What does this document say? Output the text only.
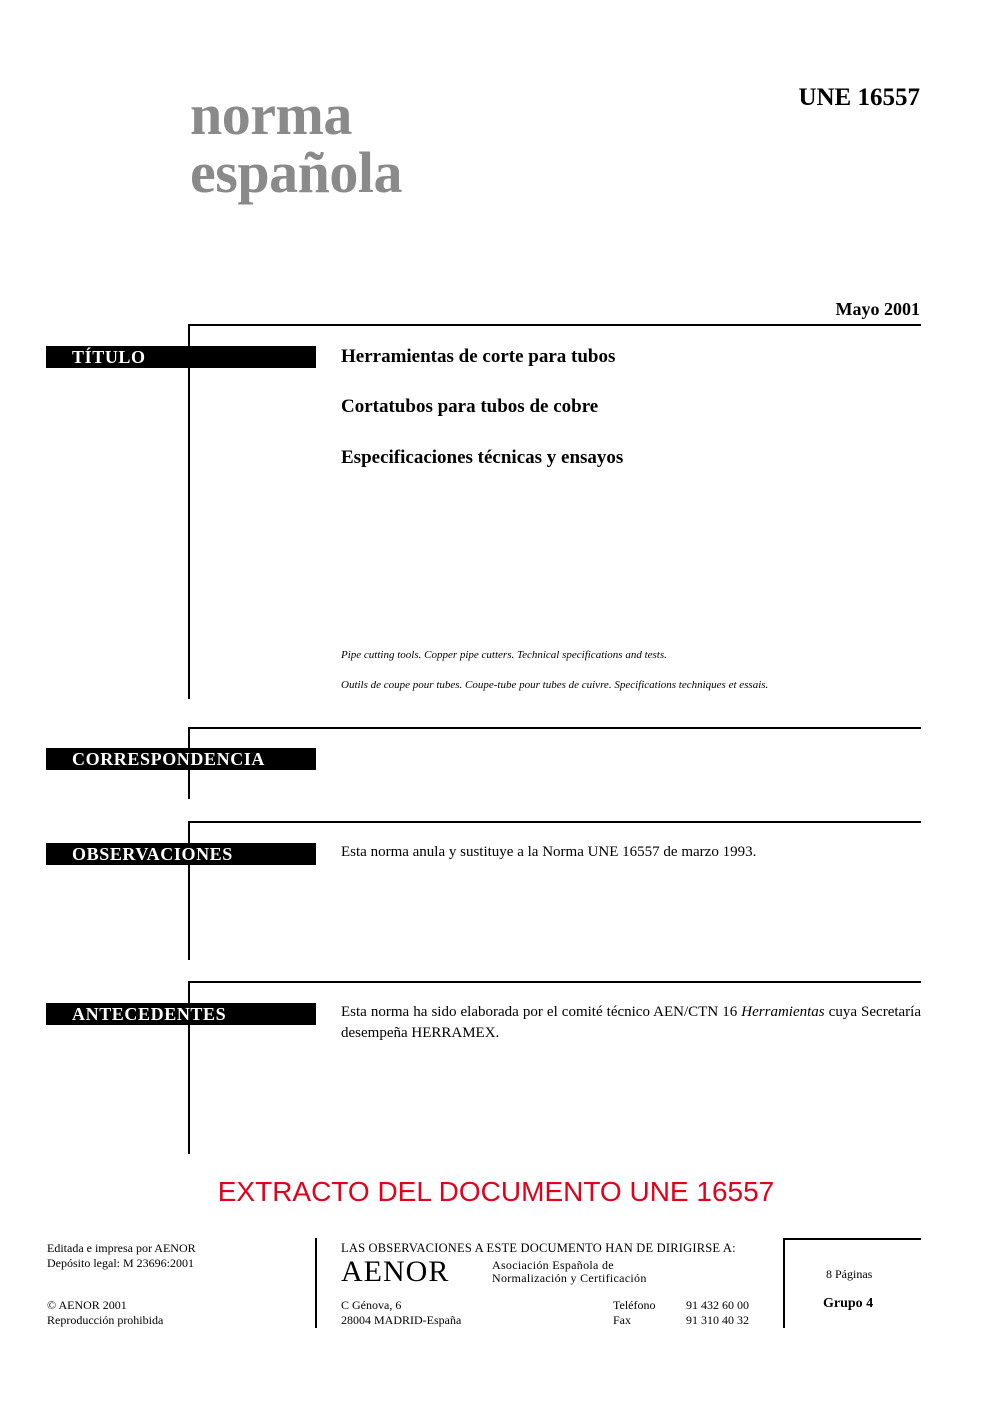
norma
española
UNE 16557
Mayo 2001
TÍTULO	Herramientas de corte para tubos
Cortatubos para tubos de cobre
Especificaciones técnicas y ensayos
Pipe cutting tools. Copper pipe cutters. Technical specifications and tests.
Outils de coupe pour tubes. Coupe-tube pour tubes de cuivre. Specifications techniques et essais.
CORRESPONDENCIA
OBSERVACIONES	Esta norma anula y sustituye a la Norma UNE 16557 de marzo 1993.
ANTECEDENTES	Esta norma ha sido elaborada por el comité técnico AEN/CTN 16 Herramientas cuya Secretaría desempeña HERRAMEX.
EXTRACTO DEL DOCUMENTO UNE 16557
Editada e impresa por AENOR
Depósito legal: M 23696:2001
© AENOR 2001
Reproducción prohibida
LAS OBSERVACIONES A ESTE DOCUMENTO HAN DE DIRIGIRSE A:
AENOR	Asociación Española de
Normalización y Certificación
C Génova, 6
28004 MADRID-España
Teléfono	91 432 60 00
Fax	91 310 40 32
8 Páginas
Grupo 4
